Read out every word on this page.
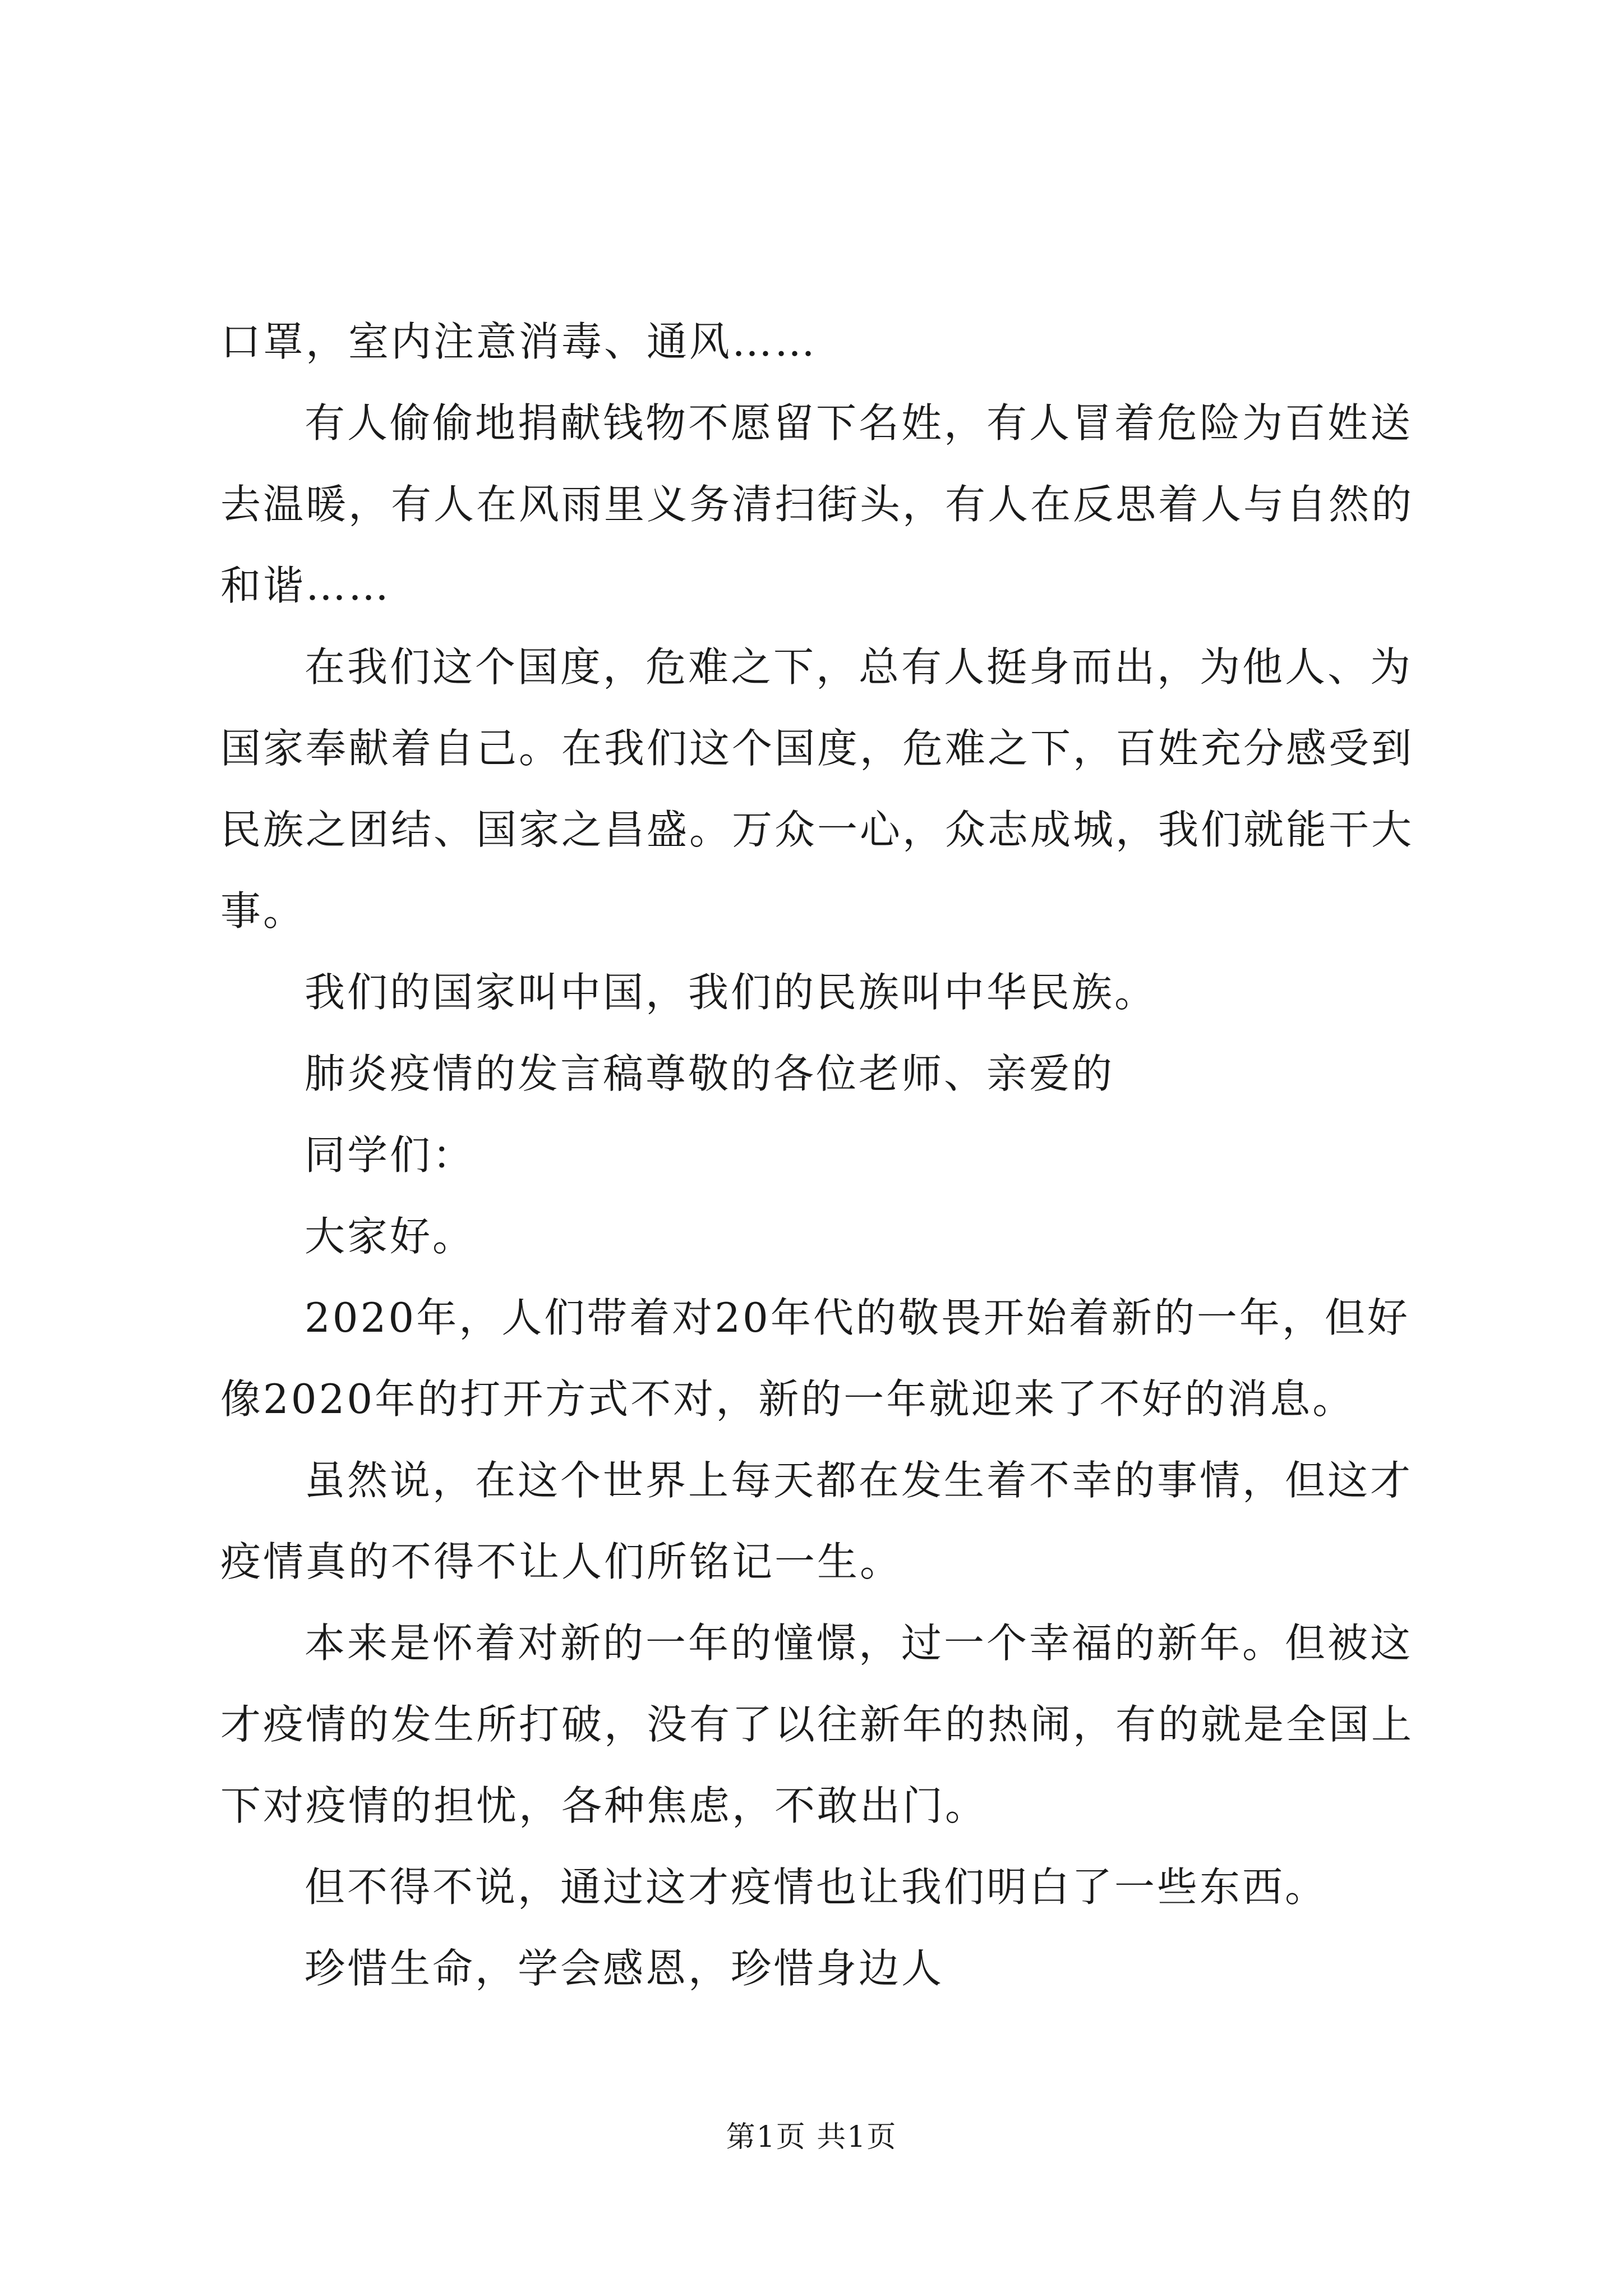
口罩，室内注意消毒、通风……

有人偷偷地捐献钱物不愿留下名姓，有人冒着危险为百姓送去温暖，有人在风雨里义务清扫街头，有人在反思着人与自然的和谐……

在我们这个国度，危难之下，总有人挺身而出，为他人、为国家奉献着自己。在我们这个国度，危难之下，百姓充分感受到民族之团结、国家之昌盛。万众一心，众志成城，我们就能干大事。

我们的国家叫中国，我们的民族叫中华民族。

肺炎疫情的发言稿尊敬的各位老师、亲爱的

同学们：

大家好。

2020年，人们带着对20年代的敬畏开始着新的一年，但好像2020年的打开方式不对，新的一年就迎来了不好的消息。

虽然说，在这个世界上每天都在发生着不幸的事情，但这才疫情真的不得不让人们所铭记一生。

本来是怀着对新的一年的憧憬，过一个幸福的新年。但被这才疫情的发生所打破，没有了以往新年的热闹，有的就是全国上下对疫情的担忧，各种焦虑，不敢出门。

但不得不说，通过这才疫情也让我们明白了一些东西。

珍惜生命，学会感恩，珍惜身边人

第1页 共1页
